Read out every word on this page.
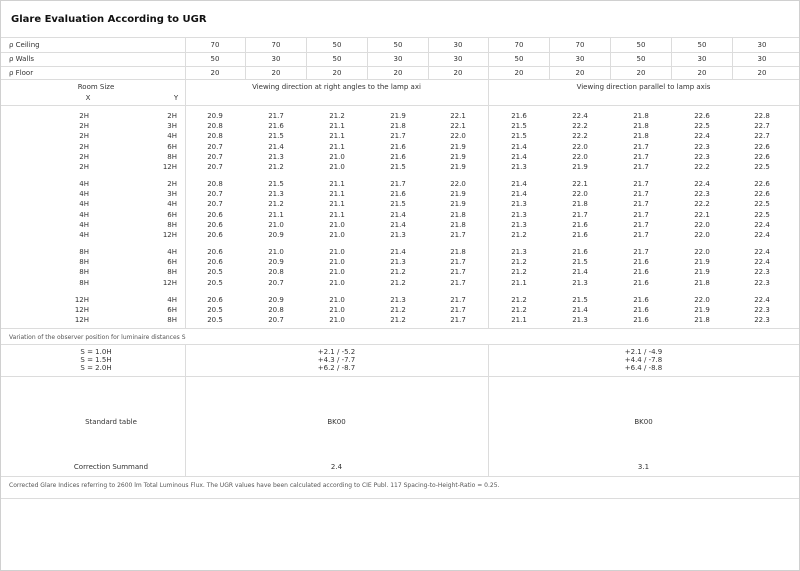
Glare Evaluation According to UGR
ρ Ceiling	70	70	50	50	30	70	70	50	50	30
ρ Walls	50	30	50	30	30	50	30	50	30	30
ρ Floor	20	20	20	20	20	20	20	20	20	20
Room Size
X	Y
Viewing direction at right angles to the lamp axi	Viewing direction parallel to lamp axis
2H	2H	20.9	21.7	21.2	21.9	22.1	21.6	22.4	21.8	22.6	22.8
2H	3H	20.8	21.6	21.1	21.8	22.1	21.5	22.2	21.8	22.5	22.7
2H	4H	20.8	21.5	21.1	21.7	22.0	21.5	22.2	21.8	22.4	22.7
2H	6H	20.7	21.4	21.1	21.6	21.9	21.4	22.0	21.7	22.3	22.6
2H	8H	20.7	21.3	21.0	21.6	21.9	21.4	22.0	21.7	22.3	22.6
2H	12H	20.7	21.2	21.0	21.5	21.9	21.3	21.9	21.7	22.2	22.5
4H	2H	20.8	21.5	21.1	21.7	22.0	21.4	22.1	21.7	22.4	22.6
4H	3H	20.7	21.3	21.1	21.6	21.9	21.4	22.0	21.7	22.3	22.6
4H	4H	20.7	21.2	21.1	21.5	21.9	21.3	21.8	21.7	22.2	22.5
4H	6H	20.6	21.1	21.1	21.4	21.8	21.3	21.7	21.7	22.1	22.5
4H	8H	20.6	21.0	21.0	21.4	21.8	21.3	21.6	21.7	22.0	22.4
4H	12H	20.6	20.9	21.0	21.3	21.7	21.2	21.6	21.7	22.0	22.4
8H	4H	20.6	21.0	21.0	21.4	21.8	21.3	21.6	21.7	22.0	22.4
8H	6H	20.6	20.9	21.0	21.3	21.7	21.2	21.5	21.6	21.9	22.4
8H	8H	20.5	20.8	21.0	21.2	21.7	21.2	21.4	21.6	21.9	22.3
8H	12H	20.5	20.7	21.0	21.2	21.7	21.1	21.3	21.6	21.8	22.3
12H	4H	20.6	20.9	21.0	21.3	21.7	21.2	21.5	21.6	22.0	22.4
12H	6H	20.5	20.8	21.0	21.2	21.7	21.2	21.4	21.6	21.9	22.3
12H	8H	20.5	20.7	21.0	21.2	21.7	21.1	21.3	21.6	21.8	22.3
Variation of the observer position for luminaire distances S
S = 1.0H	+2.1 / -5.2	+2.1 / -4.9
S = 1.5H	+4.3 / -7.7	+4.4 / -7.8
S = 2.0H	+6.2 / -8.7	+6.4 / -8.8
Standard table	BK00	BK00
Correction Summand	2.4	3.1
Corrected Glare Indices referring to 2600 lm Total Luminous Flux. The UGR values have been calculated according to CIE Publ. 117 Spacing-to-Height-Ratio = 0.25.
